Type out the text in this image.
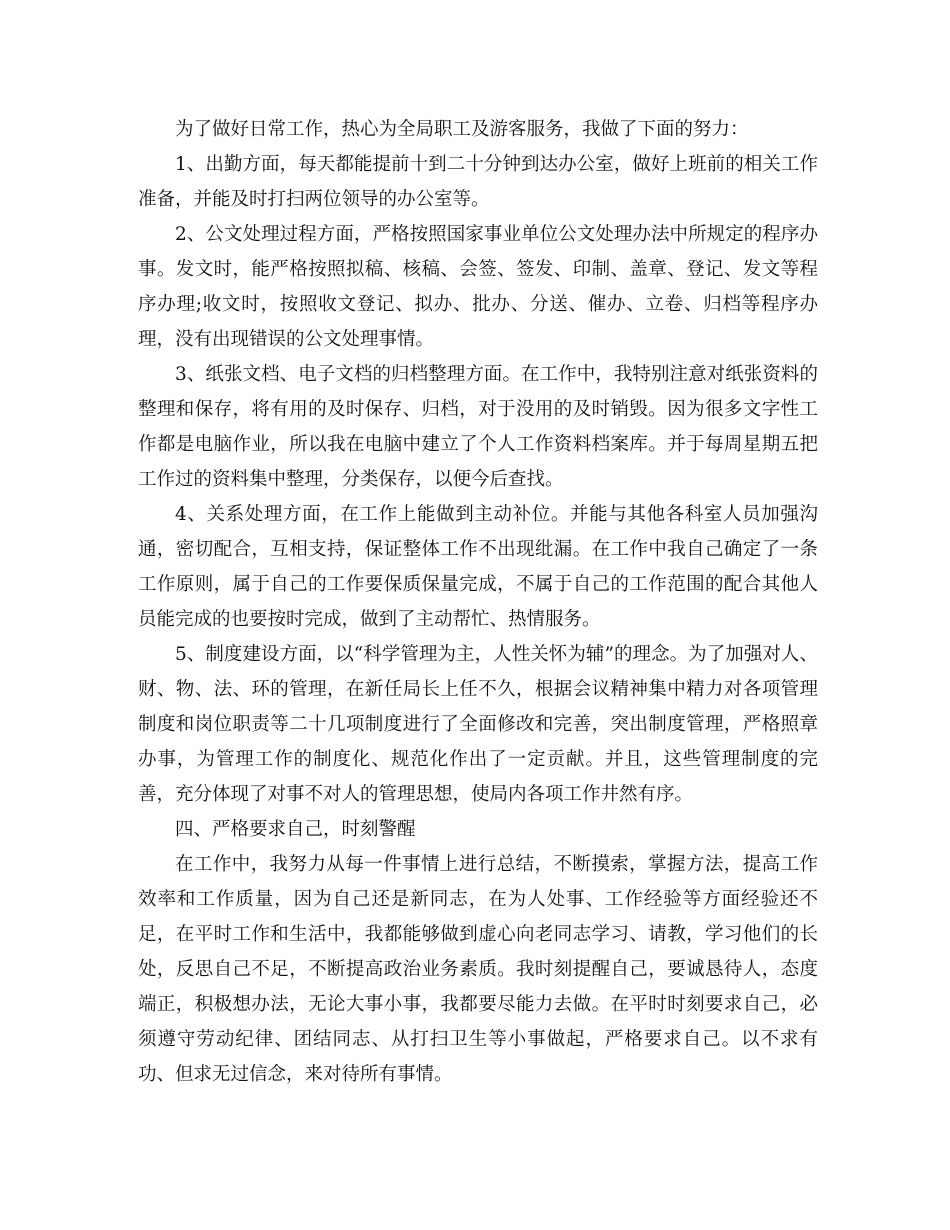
为了做好日常工作，热心为全局职工及游客服务，我做了下面的努力：

1、出勤方面，每天都能提前十到二十分钟到达办公室，做好上班前的相关工作准备，并能及时打扫两位领导的办公室等。

2、公文处理过程方面，严格按照国家事业单位公文处理办法中所规定的程序办事。发文时，能严格按照拟稿、核稿、会签、签发、印制、盖章、登记、发文等程序办理;收文时，按照收文登记、拟办、批办、分送、催办、立卷、归档等程序办理，没有出现错误的公文处理事情。

3、纸张文档、电子文档的归档整理方面。在工作中，我特别注意对纸张资料的整理和保存，将有用的及时保存、归档，对于没用的及时销毁。因为很多文字性工作都是电脑作业，所以我在电脑中建立了个人工作资料档案库。并于每周星期五把工作过的资料集中整理，分类保存，以便今后查找。

4、关系处理方面，在工作上能做到主动补位。并能与其他各科室人员加强沟通，密切配合，互相支持，保证整体工作不出现纰漏。在工作中我自己确定了一条工作原则，属于自己的工作要保质保量完成，不属于自己的工作范围的配合其他人员能完成的也要按时完成，做到了主动帮忙、热情服务。

5、制度建设方面，以“科学管理为主，人性关怀为辅”的理念。为了加强对人、财、物、法、环的管理，在新任局长上任不久，根据会议精神集中精力对各项管理制度和岗位职责等二十几项制度进行了全面修改和完善，突出制度管理，严格照章办事，为管理工作的制度化、规范化作出了一定贡献。并且，这些管理制度的完善，充分体现了对事不对人的管理思想，使局内各项工作井然有序。

四、严格要求自己，时刻警醒

在工作中，我努力从每一件事情上进行总结，不断摸索，掌握方法，提高工作效率和工作质量，因为自己还是新同志，在为人处事、工作经验等方面经验还不足，在平时工作和生活中，我都能够做到虚心向老同志学习、请教，学习他们的长处，反思自己不足，不断提高政治业务素质。我时刻提醒自己，要诚恳待人，态度端正，积极想办法，无论大事小事，我都要尽能力去做。在平时时刻要求自己，必须遵守劳动纪律、团结同志、从打扫卫生等小事做起，严格要求自己。以不求有功、但求无过信念，来对待所有事情。
